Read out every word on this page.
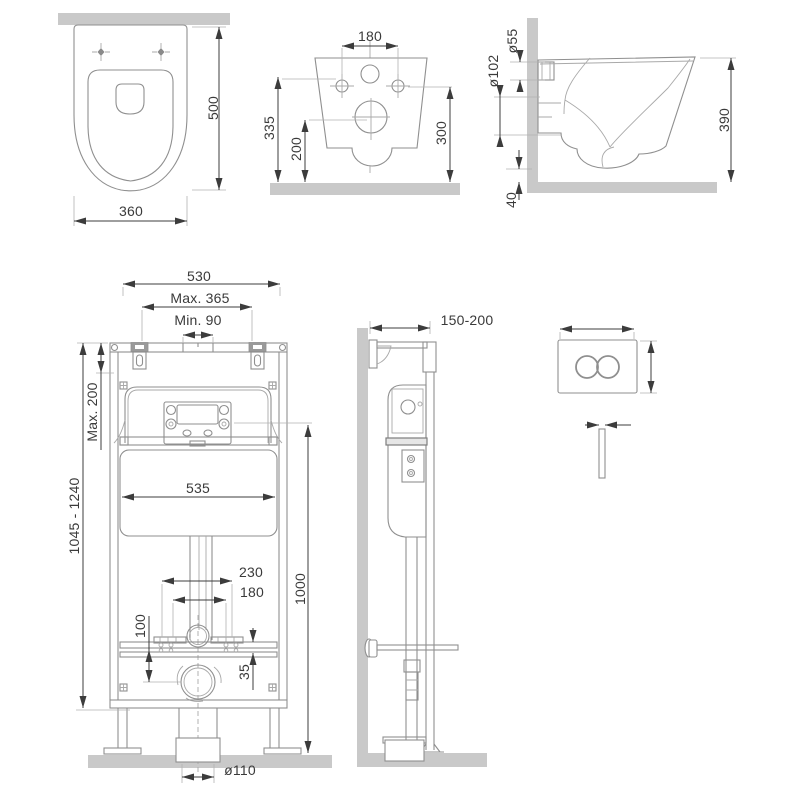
500
360
180
335
200
300
ø55
ø102
390
40
530
Max. 365
Min. 90
Max. 200
1045 - 1240	535
230
180
100
35
1000
ø110
150-200
